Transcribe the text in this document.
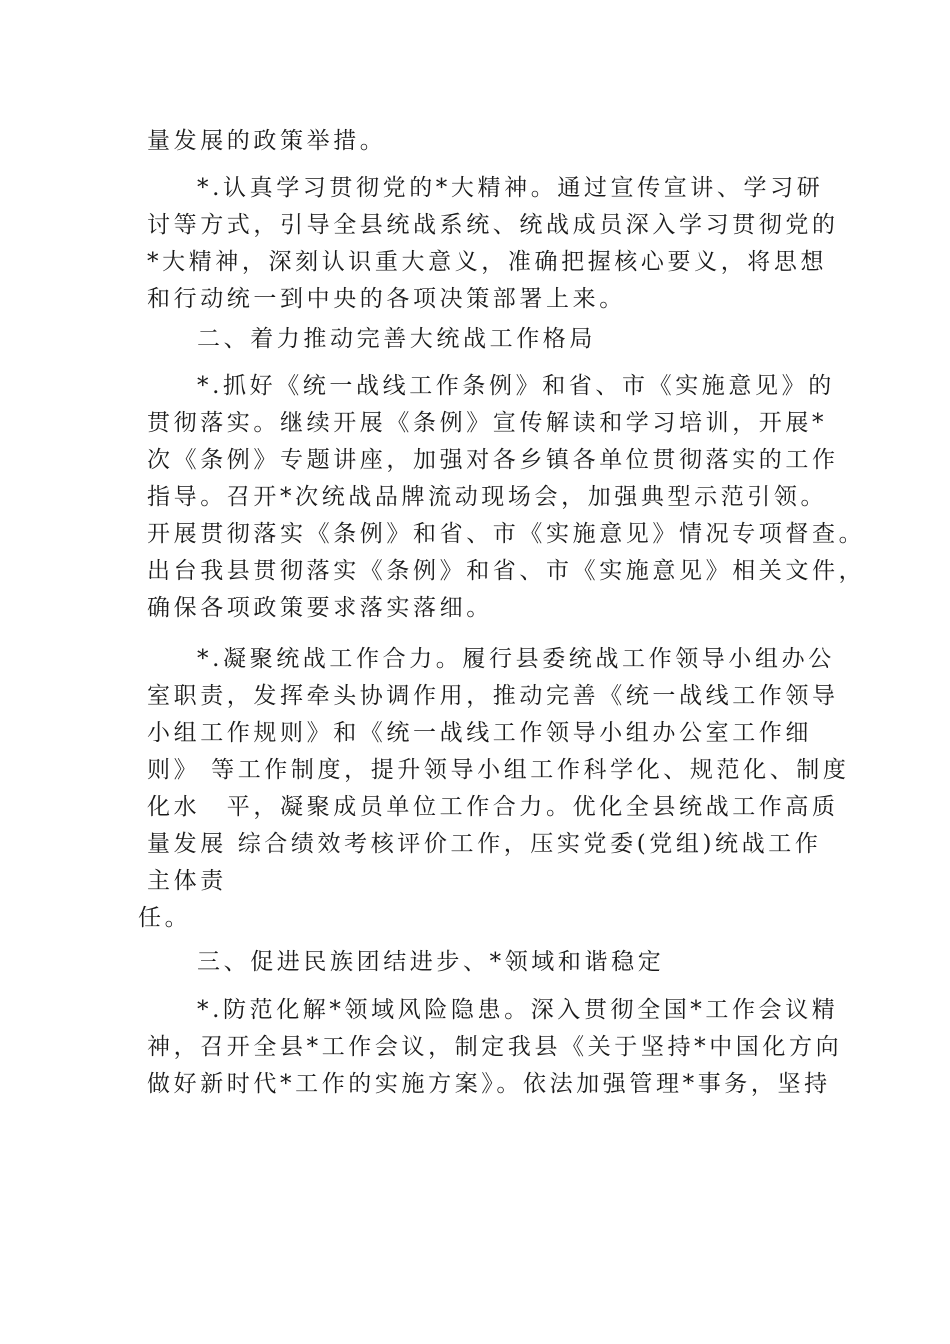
量发展的政策举措。
*.认真学习贯彻党的*大精神。通过宣传宣讲、学习研
讨等方式，引导全县统战系统、统战成员深入学习贯彻党的
*大精神，深刻认识重大意义，准确把握核心要义，将思想
和行动统一到中央的各项决策部署上来。
二、着力推动完善大统战工作格局
*.抓好《统一战线工作条例》和省、市《实施意见》的
贯彻落实。继续开展《条例》宣传解读和学习培训，开展*
次《条例》专题讲座，加强对各乡镇各单位贯彻落实的工作
指导。召开*次统战品牌流动现场会，加强典型示范引领。
开展贯彻落实《条例》和省、市《实施意见》情况专项督查。
出台我县贯彻落实《条例》和省、市《实施意见》相关文件，
确保各项政策要求落实落细。
*.凝聚统战工作合力。履行县委统战工作领导小组办公
室职责，发挥牵头协调作用，推动完善《统一战线工作领导
小组工作规则》和《统一战线工作领导小组办公室工作细
则》 等工作制度，提升领导小组工作科学化、规范化、制度
化水　平，凝聚成员单位工作合力。优化全县统战工作高质
量发展 综合绩效考核评价工作，压实党委(党组)统战工作
主体责
任。
三、促进民族团结进步、*领域和谐稳定
*.防范化解*领域风险隐患。深入贯彻全国*工作会议精
神，召开全县*工作会议，制定我县《关于坚持*中国化方向
做好新时代*工作的实施方案》。依法加强管理*事务，坚持
